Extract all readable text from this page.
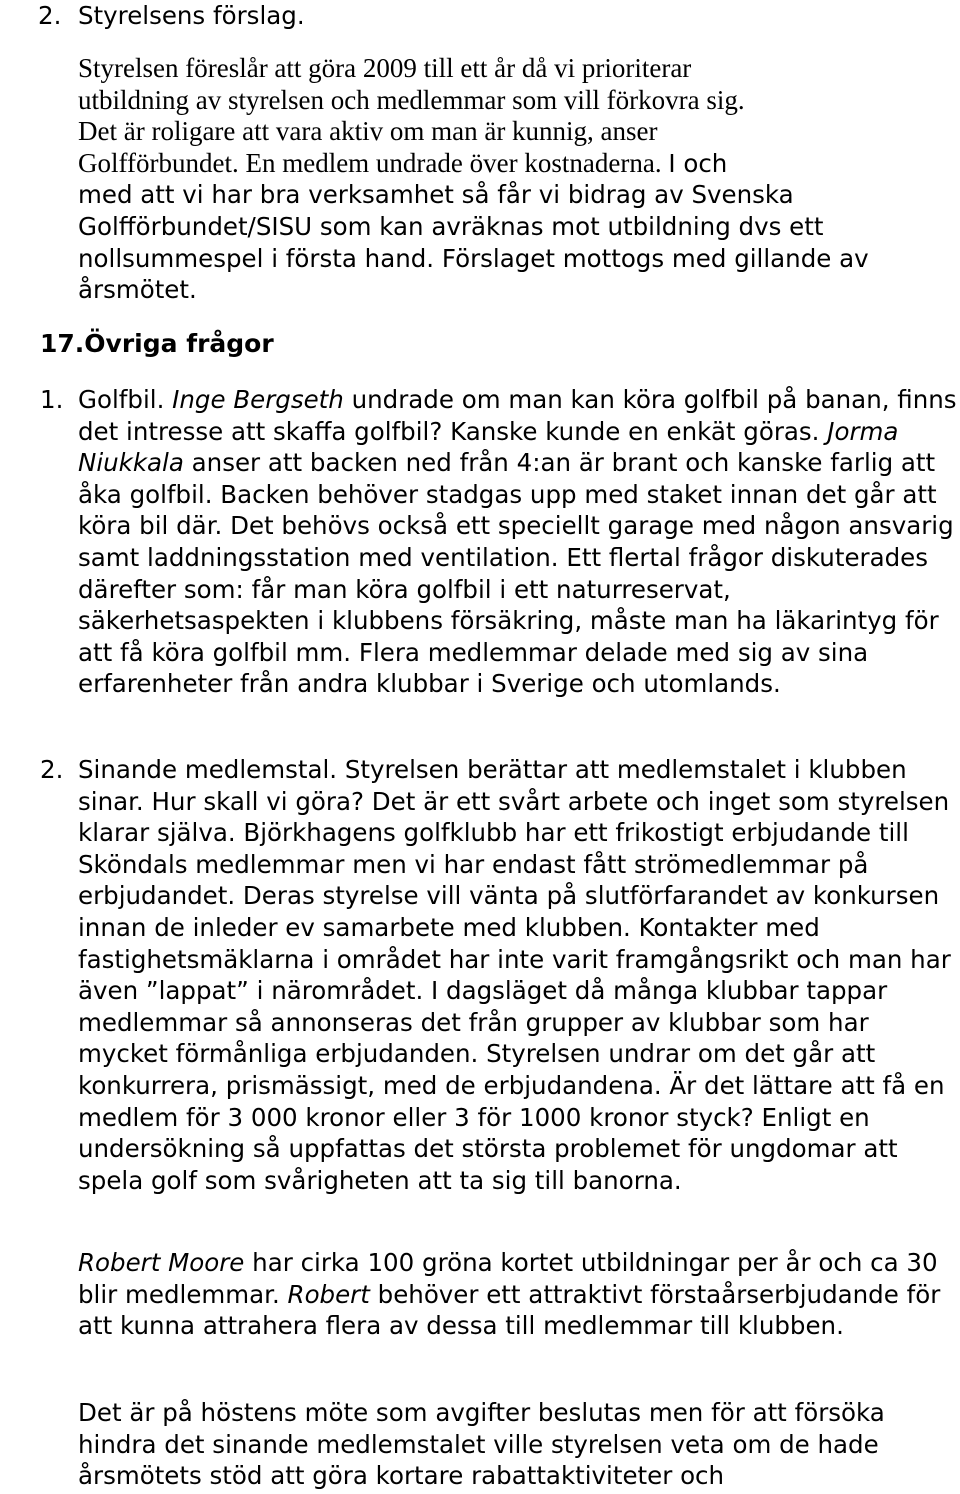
2. Styrelsens förslag.
Styrelsen föreslår att göra 2009 till ett år då vi prioriterar
utbildning av styrelsen och medlemmar som vill förkovra sig.
Det är roligare att vara aktiv om man är kunnig, anser
Golfförbundet. En medlem undrade över kostnaderna. I och
med att vi har bra verksamhet så får vi bidrag av Svenska
Golfförbundet/SISU som kan avräknas mot utbildning dvs ett
nollsummespel i första hand. Förslaget mottogs med gillande av
årsmötet.
17.Övriga frågor
1. Golfbil. Inge Bergseth undrade om man kan köra golfbil på banan, finns det intresse att skaffa golfbil? Kanske kunde en enkät göras. Jorma Niukkala anser att backen ned från 4:an är brant och kanske farlig att åka golfbil. Backen behöver stadgas upp med staket innan det går att köra bil där. Det behövs också ett speciellt garage med någon ansvarig samt laddningsstation med ventilation. Ett flertal frågor diskuterades därefter som: får man köra golfbil i ett naturreservat, säkerhetsaspekten i klubbens försäkring, måste man ha läkarintyg för att få köra golfbil mm. Flera medlemmar delade med sig av sina erfarenheter från andra klubbar i Sverige och utomlands.

2. Sinande medlemstal. Styrelsen berättar att medlemstalet i klubben sinar. Hur skall vi göra? Det är ett svårt arbete och inget som styrelsen klarar själva. Björkhagens golfklubb har ett frikostigt erbjudande till Sköndals medlemmar men vi har endast fått strömedlemmar på erbjudandet. Deras styrelse vill vänta på slutförfarandet av konkursen innan de inleder ev samarbete med klubben. Kontakter med fastighetsmäklarna i området har inte varit framgångsrikt och man har även ”lappat” i närområdet. I dagsläget då många klubbar tappar medlemmar så annonseras det från grupper av klubbar som har mycket förmånliga erbjudanden. Styrelsen undrar om det går att konkurrera, prismässigt, med de erbjudandena. Är det lättare att få en medlem för 3 000 kronor eller 3 för 1000 kronor styck? Enligt en undersökning så uppfattas det största problemet för ungdomar att spela golf som svårigheten att ta sig till banorna.

Robert Moore har cirka 100 gröna kortet utbildningar per år och ca 30 blir medlemmar. Robert behöver ett attraktivt förstaårserbjudande för att kunna attrahera flera av dessa till medlemmar till klubben.

Det är på höstens möte som avgifter beslutas men för att försöka hindra det sinande medlemstalet ville styrelsen veta om de hade årsmötets stöd att göra kortare rabattaktiviteter och
